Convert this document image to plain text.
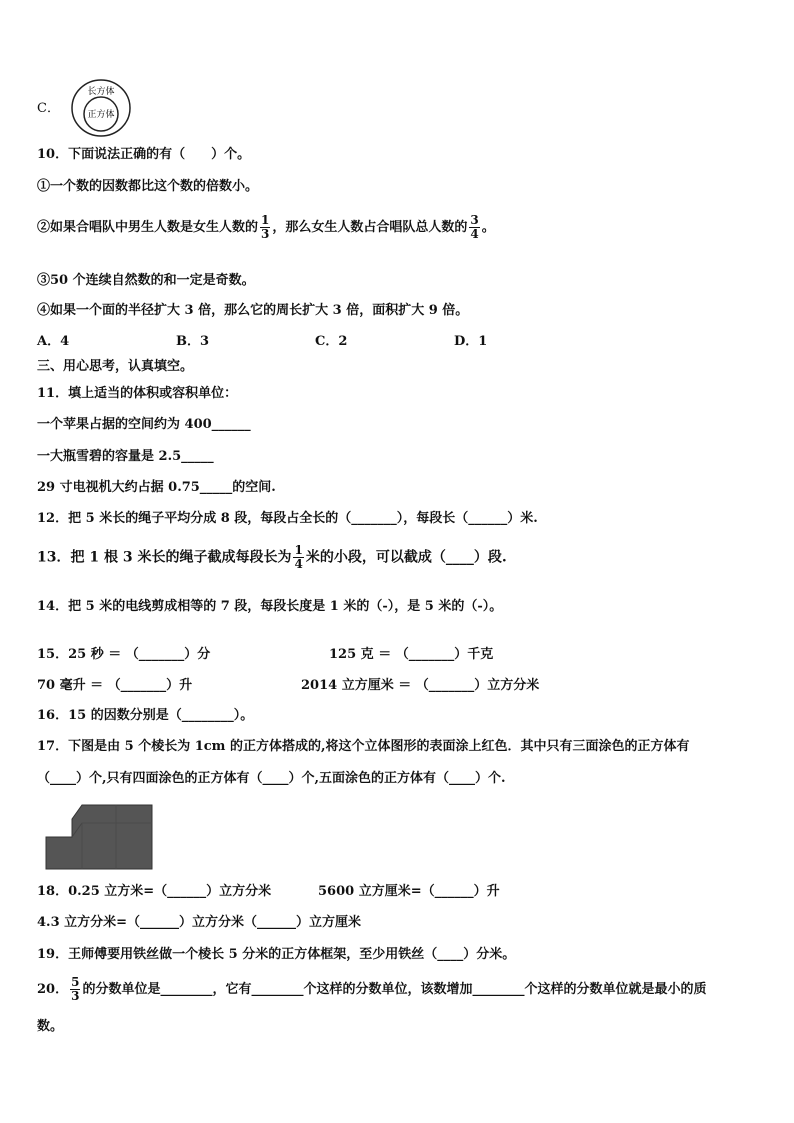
C．
长方体
正方体
10．下面说法正确的有（　　）个。
①一个数的因数都比这个数的倍数小。
②如果合唱队中男生人数是女生人数的 $\frac{1}{3}$ ，那么女生人数占合唱队总人数的 $\frac{3}{4}$ 。
③50 个连续自然数的和一定是奇数。
④如果一个面的半径扩大 3 倍，那么它的周长扩大 3 倍，面积扩大 9 倍。
A．4	B．3	C．2	D．1
三、用心思考，认真填空。
11．填上适当的体积或容积单位：
一个苹果占据的空间约为 400______
一大瓶雪碧的容量是 2.5_____
29 寸电视机大约占据 0.75_____的空间.
12．把 5 米长的绳子平均分成 8 段，每段占全长的（_______），每段长（______）米.
13．把 1 根 3 米长的绳子截成每段长为 $\frac{1}{4}$ 米的小段，可以截成（____）段.
14．把 5 米的电线剪成相等的 7 段，每段长度是 1 米的（-），是 5 米的（-）。
15．25 秒 ＝ （_______）分	125 克 ＝ （_______）千克
70 毫升 ＝ （_______）升	2014 立方厘米 ＝ （_______）立方分米
16．15 的因数分别是（________）。
17．下图是由 5 个棱长为 1cm 的正方体搭成的,将这个立体图形的表面涂上红色．其中只有三面涂色的正方体有
（____）个,只有四面涂色的正方体有（____）个,五面涂色的正方体有（____）个.
18．0.25 立方米=（______）立方分米	5600 立方厘米=（______）升
4.3 立方分米=（______）立方分米（______）立方厘米
19．王师傅要用铁丝做一个棱长 5 分米的正方体框架，至少用铁丝（____）分米。
20． $\frac{5}{3}$ 的分数单位是________，它有________个这样的分数单位，该数增加________个这样的分数单位就是最小的质
数。
